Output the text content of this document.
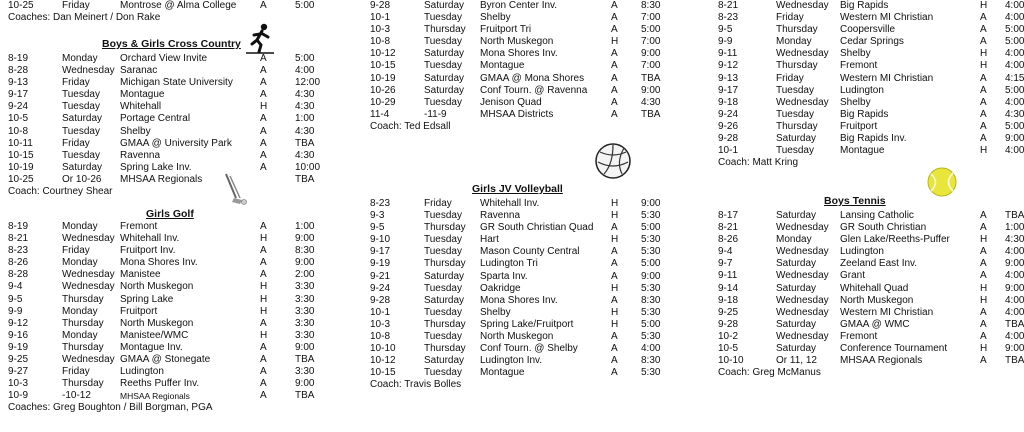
10-25	Friday	Montrose @ Alma College A	5:00
Coaches: Dan Meinert / Don Rake
Boys & Girls Cross Country
8-19	Monday Orchard View Invite	A	5:00
8-28	Wednesday Saranac	A	4:00
9-13	Friday	Michigan State University	A	12:00
9-17	Tuesday Montague	A	4:30
9-24	Tuesday Whitehall	H	4:30
10-5	Saturday Portage Central	A	1:00
10-8	Tuesday Shelby	A	4:30
10-11	Friday	GMAA @ University Park	A	TBA
10-15	Tuesday Ravenna	A	4:30
10-19	Saturday Spring Lake Inv.	A	10:00
10-25	Or 10-26 MHSAA Regionals	TBA
Coach: Courtney Shear
Girls Golf
8-19	Monday Fremont	A	1:00
8-21	Wednesday Whitehall Inv.	H	9:00
8-23	Friday	Fruitport Inv.	A	8:30
8-26	Monday Mona Shores Inv.	A	9:00
8-28	Wednesday Manistee	A	2:00
9-4	Wednesday North Muskegon	H	3:30
9-5	Thursday Spring Lake	H	3:30
9-9	Monday Fruitport	H	3:30
9-12	Thursday North Muskegon	A	3:30
9-16	Monday Manistee/WMC	H	3:30
9-19	Thursday Montague Inv.	A	9:00
9-25	Wednesday GMAA @ Stonegate	A	TBA
9-27	Friday	Ludington	A	3:30
10-3	Thursday Reeths Puffer Inv.	A	9:00
10-9	-10-12	MHSAA Regionals	A	TBA
Coaches: Greg Boughton / Bill Borgman, PGA
9-28	Saturday Byron Center Inv.	A 8:30
10-1	Tuesday Shelby	A 7:00
10-3	Thursday Fruitport Tri	A 5:00
10-8	Tuesday North Muskegon	H 7:00
10-12	Saturday Mona Shores Inv.	A 9:00
10-15	Tuesday Montague	A 7:00
10-19	Saturday GMAA @ Mona Shores	A TBA
10-26	Saturday Conf Tourn. @ Ravenna A 9:00
10-29	Tuesday Jenison Quad	A 4:30
11-4	-11-9	MHSAA Districts	A TBA
Coach: Ted Edsall
Girls JV Volleyball
8-23	Friday	Whitehall Inv.	H 9:00
9-3	Tuesday Ravenna	H 5:30
9-5	Thursday GR South Christian Quad A 5:00
9-10	Tuesday Hart	H 5:30
9-17	Tuesday Mason County Central	A 5:30
9-19	Thursday Ludington Tri	A 5:00
9-21	Saturday Sparta Inv.	A 9:00
9-24	Tuesday Oakridge	H 5:30
9-28	Saturday Mona Shores Inv.	A 8:30
10-1	Tuesday Shelby	H 5:30
10-3	Thursday Spring Lake/Fruitport	H 5:00
10-8	Tuesday North Muskegon	A 5:30
10-10	Thursday Conf Tourn. @ Shelby	A 4:00
10-12	Saturday Ludington Inv.	A 8:30
10-15	Tuesday Montague	A 5:30
Coach: Travis Bolles
8-21	Wednesday Big Rapids	H 4:00
8-23	Friday	Western MI Christian	A 4:00
9-5	Thursday Coopersville	A 5:00
9-9	Monday	Cedar Springs	A 5:00
9-11	Wednesday Shelby	H 4:00
9-12	Thursday Fremont	H 4:00
9-13	Friday	Western MI Christian	A 4:15
9-17	Tuesday	Ludington	A 5:00
9-18	Wednesday Shelby	A 4:00
9-24	Tuesday	Big Rapids	A 4:30
9-26	Thursday Fruitport	A 5:00
9-28	Saturday Big Rapids Inv.	A 9:00
10-1	Tuesday	Montague	H 4:00
Coach: Matt Kring
Boys Tennis
8-17	Saturday Lansing Catholic	A TBA
8-21	Wednesday GR South Christian	A 1:00
8-26	Monday	Glen Lake/Reeths-Puffer	H 4:30
9-4	Wednesday Ludington	A 4:00
9-7	Saturday Zeeland East Inv.	A 9:00
9-11	Wednesday Grant	A 4:00
9-14	Saturday Whitehall Quad	H 9:00
9-18	Wednesday North Muskegon	H 4:00
9-25	Wednesday Western MI Christian	A 4:00
9-28	Saturday GMAA @ WMC	A TBA
10-2	Wednesday Fremont	A 4:00
10-5	Saturday Conference Tournament	H 9:00
10-10	Or 11, 12 MHSAA Regionals	A TBA
Coach: Greg McManus
